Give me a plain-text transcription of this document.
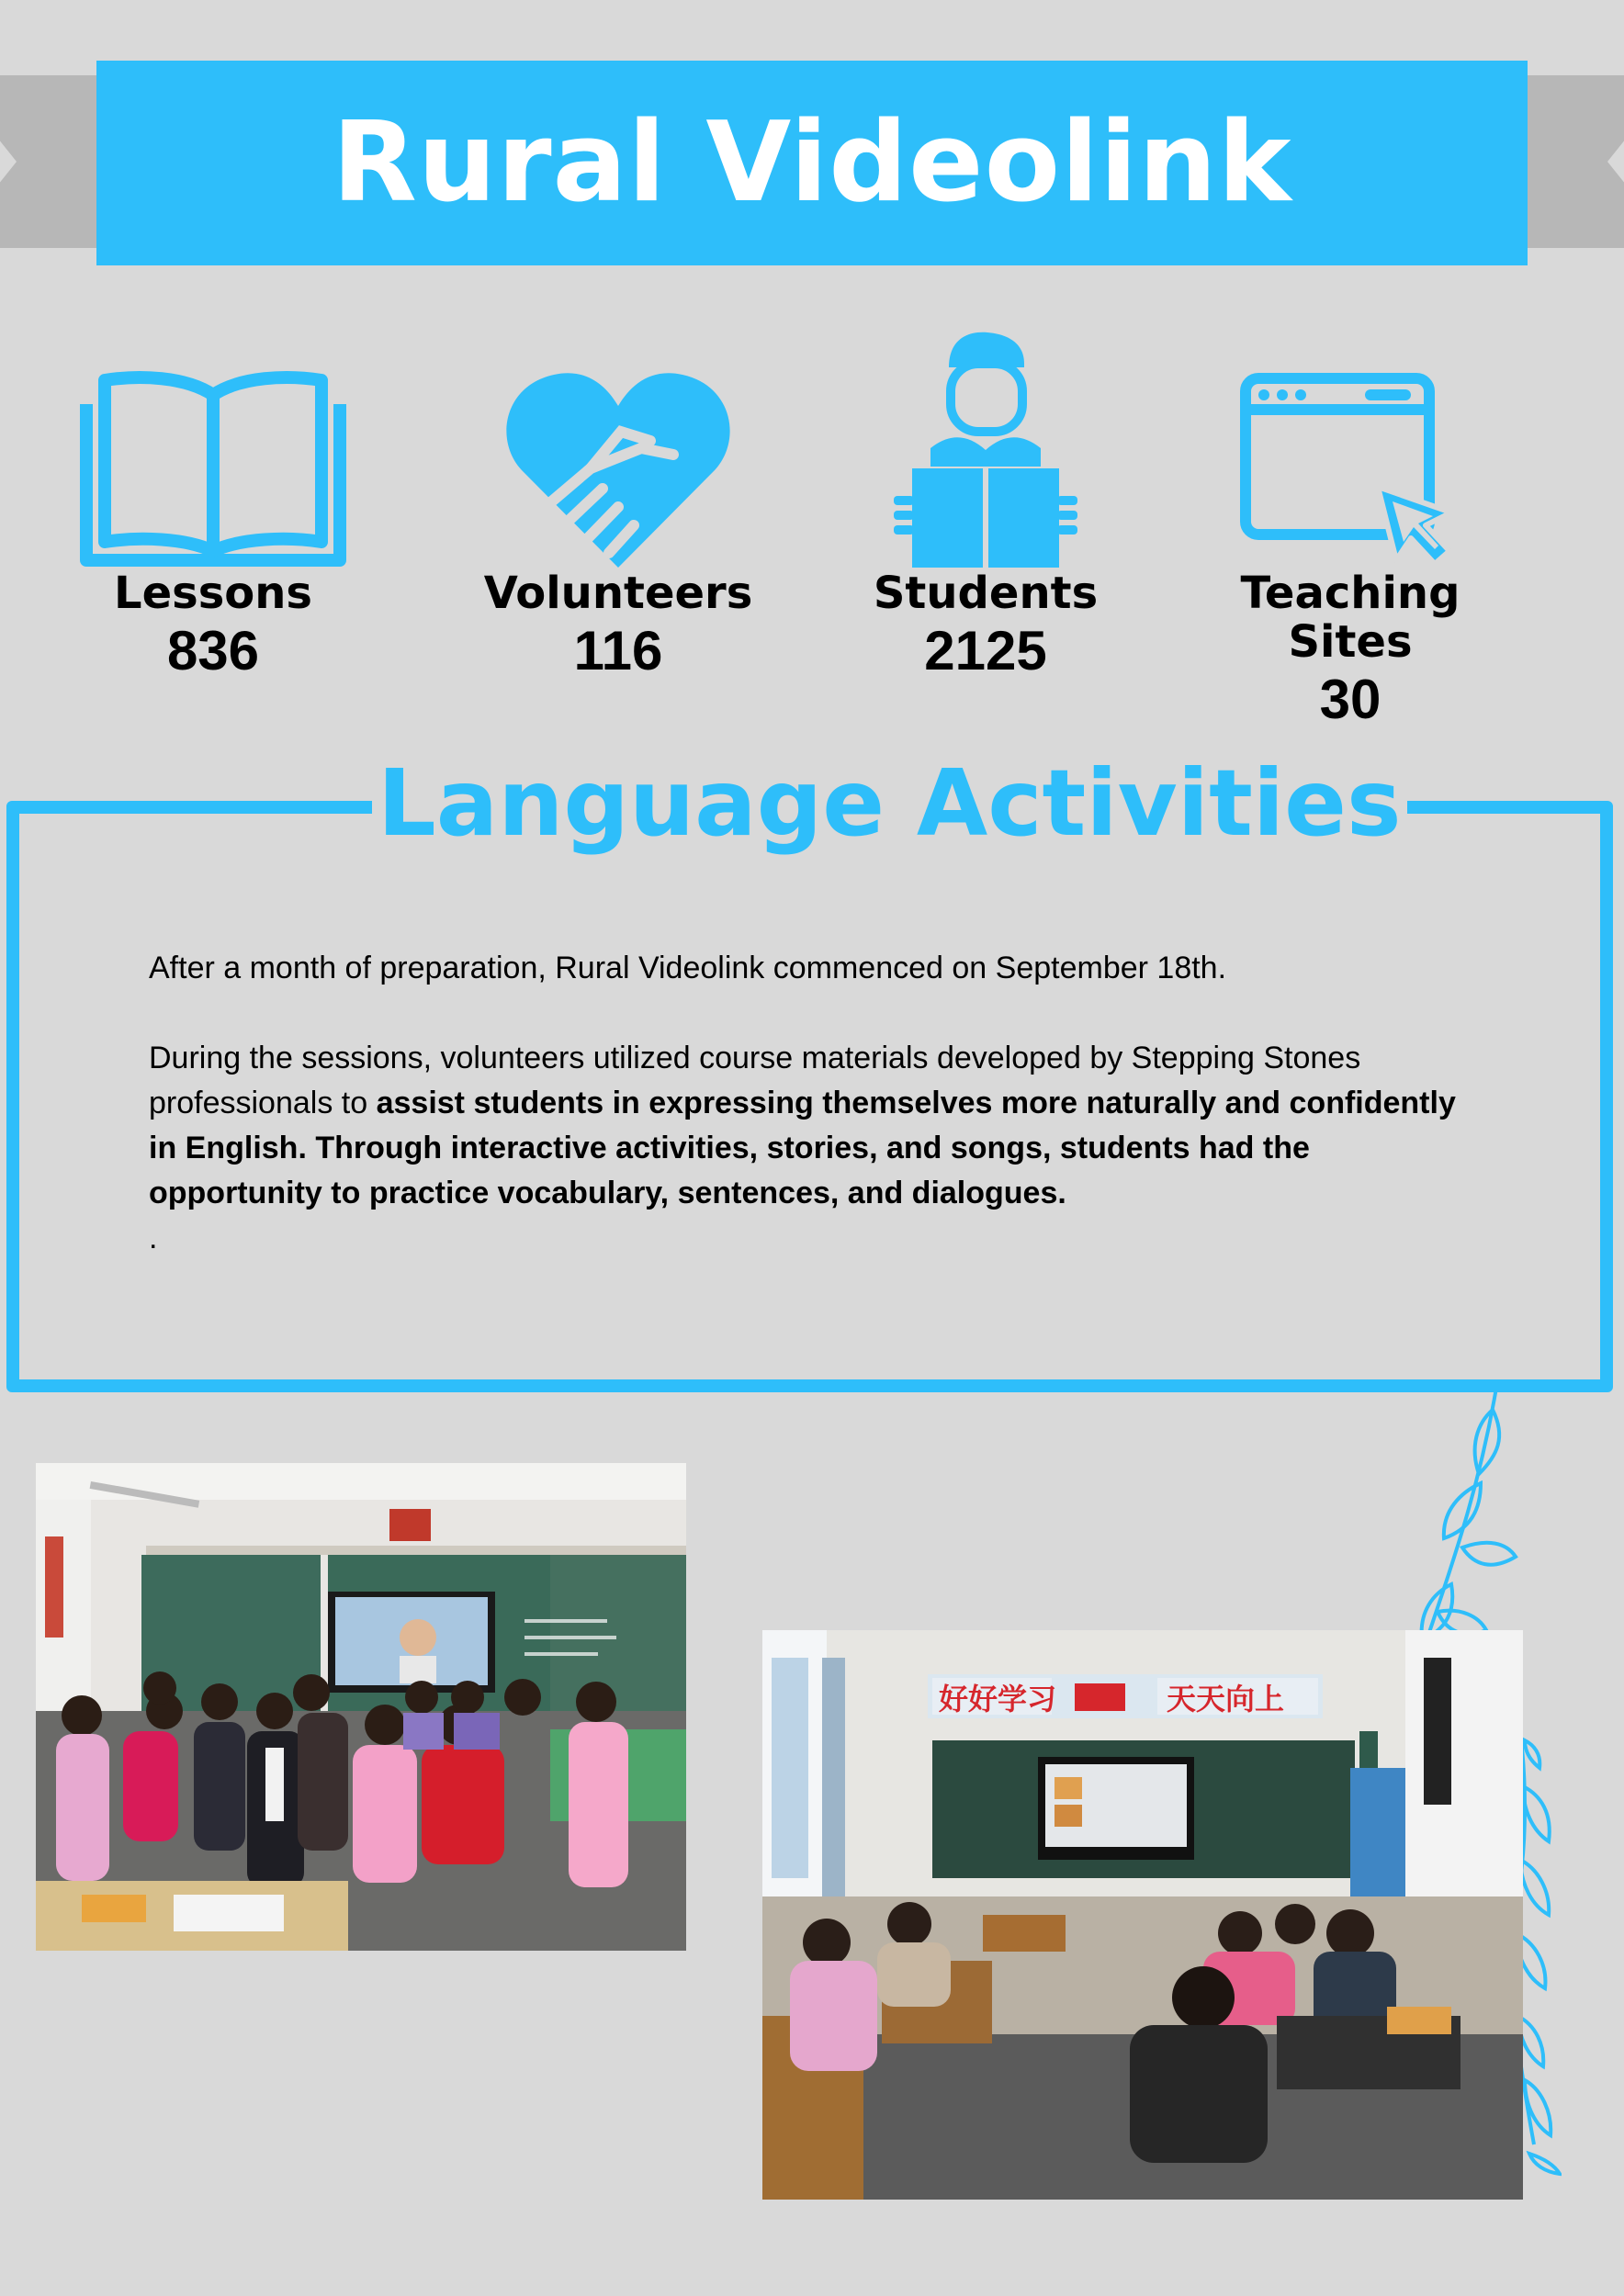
Rural Videolink
Lessons
836
Volunteers
116
Students
2125
Teaching Sites
30
Language Activities

After a month of preparation, Rural Videolink commenced on September 18th.

During the sessions, volunteers utilized course materials developed by Stepping Stones professionals to assist students in expressing themselves more naturally and confidently in English. Through interactive activities, stories, and songs, students had the opportunity to practice vocabulary, sentences, and dialogues.

.

好好学习	天天向上
